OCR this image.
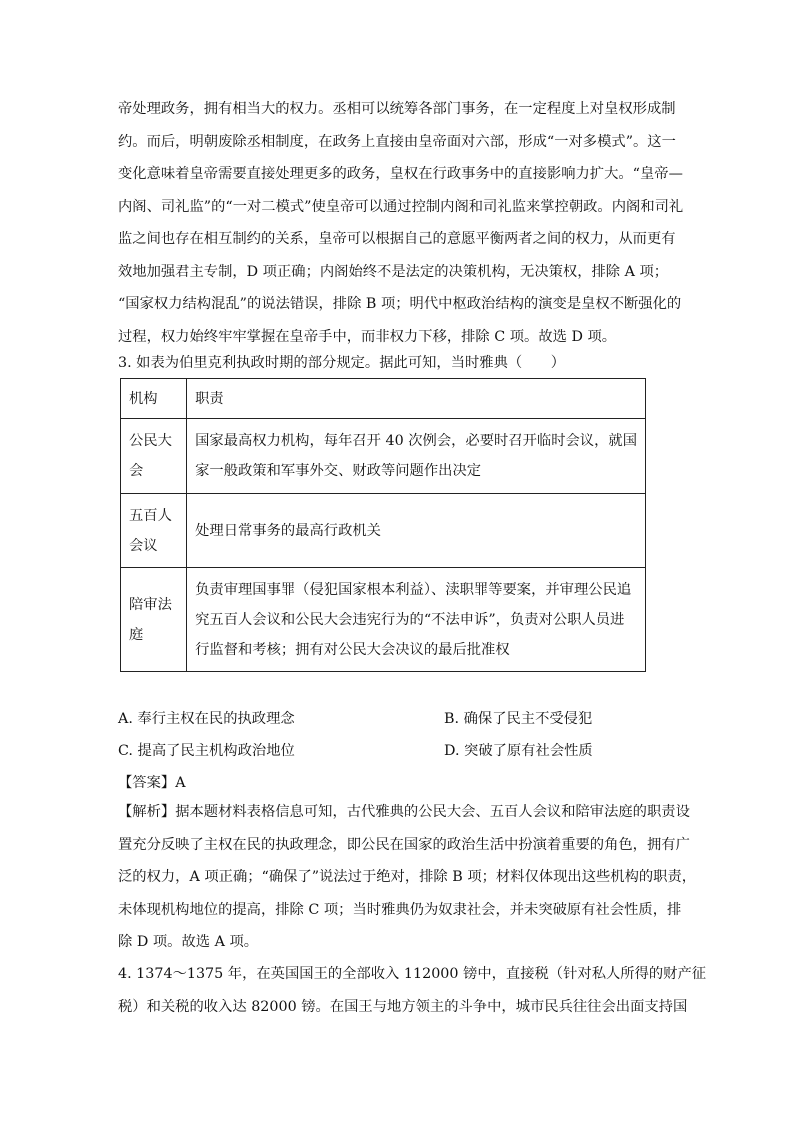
帝处理政务，拥有相当大的权力。丞相可以统筹各部门事务，在一定程度上对皇权形成制
约。而后，明朝废除丞相制度，在政务上直接由皇帝面对六部，形成“一对多模式”。这一
变化意味着皇帝需要直接处理更多的政务，皇权在行政事务中的直接影响力扩大。“皇帝—
内阁、司礼监”的“一对二模式”使皇帝可以通过控制内阁和司礼监来掌控朝政。内阁和司礼
监之间也存在相互制约的关系，皇帝可以根据自己的意愿平衡两者之间的权力，从而更有
效地加强君主专制，D 项正确；内阁始终不是法定的决策机构，无决策权，排除 A 项；
“国家权力结构混乱”的说法错误，排除 B 项；明代中枢政治结构的演变是皇权不断强化的
过程，权力始终牢牢掌握在皇帝手中，而非权力下移，排除 C 项。故选 D 项。
3. 如表为伯里克利执政时期的部分规定。据此可知，当时雅典（　　）
机构	职责
公民大会	国家最高权力机构，每年召开 40 次例会，必要时召开临时会议，就国
家一般政策和军事外交、财政等问题作出决定

五百人会议	处理日常事务的最高行政机关

陪审法庭	负责审理国事罪（侵犯国家根本利益）、渎职罪等要案，并审理公民追
究五百人会议和公民大会违宪行为的“不法申诉”，负责对公职人员进
行监督和考核；拥有对公民大会决议的最后批准权
A. 奉行主权在民的执政理念	B. 确保了民主不受侵犯
C. 提高了民主机构政治地位	D. 突破了原有社会性质
【答案】A
【解析】据本题材料表格信息可知，古代雅典的公民大会、五百人会议和陪审法庭的职责设
置充分反映了主权在民的执政理念，即公民在国家的政治生活中扮演着重要的角色，拥有广
泛的权力，A 项正确；“确保了”说法过于绝对，排除 B 项；材料仅体现出这些机构的职责，
未体现机构地位的提高，排除 C 项；当时雅典仍为奴隶社会，并未突破原有社会性质，排
除 D 项。故选 A 项。
4. 1374～1375 年，在英国国王的全部收入 112000 镑中，直接税（针对私人所得的财产征
税）和关税的收入达 82000 镑。在国王与地方领主的斗争中，城市民兵往往会出面支持国
